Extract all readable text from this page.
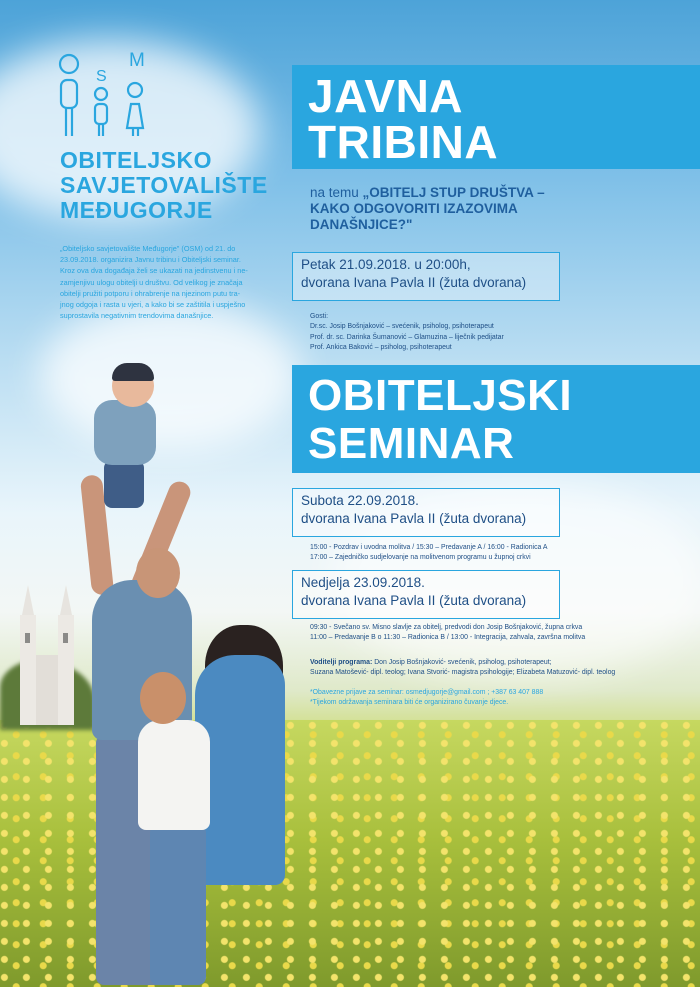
S
M
OBITELJSKO
SAVJETOVALIŠTE
MEĐUGORJE
„Obiteljsko savjetovalište Međugorje" (OSM) od 21. do
23.09.2018. organizira Javnu tribinu i Obiteljski seminar.
Kroz ova dva događaja želi se ukazati na jedinstvenu i ne-
zamjenjivu ulogu obitelji u društvu. Od velikog je značaja
obitelji pružiti potporu i ohrabrenje na njezinom putu tra-
jnog odgoja i rasta u vjeri, a kako bi se zaštitila i uspješno
suprostavila negativnim trendovima današnjice.
JAVNA
TRIBINA
na temu „OBITELJ STUP DRUŠTVA –
KAKO ODGOVORITI IZAZOVIMA
DANAŠNJICE?"
Petak 21.09.2018. u 20:00h,
dvorana Ivana Pavla II (žuta dvorana)
Gosti:
Dr.sc. Josip Bošnjaković – svećenik, psiholog, psihoterapeut
Prof. dr. sc. Darinka Šumanović – Glamuzina – liječnik pedijatar
Prof. Ankica Baković – psiholog, psihoterapeut
OBITELJSKI
SEMINAR
Subota 22.09.2018.
dvorana Ivana Pavla II (žuta dvorana)
15:00 - Pozdrav i uvodna molitva / 15:30 – Predavanje A / 16:00 - Radionica A
17:00 – Zajedničko sudjelovanje na molitvenom programu u župnoj crkvi
Nedjelja 23.09.2018.
dvorana Ivana Pavla II (žuta dvorana)
09:30 - Svečano sv. Misno slavlje za obitelj, predvodi don Josip Bošnjaković, župna crkva
11:00 – Predavanje B o 11:30 – Radionica B / 13:00 - Integracija, zahvala, završna molitva
Voditelji programa: Don Josip Bošnjaković- svećenik, psiholog, psihoterapeut;
Suzana Matošević- dipl. teolog; Ivana Stvorić- magistra psihologije; Elizabeta Matuzović- dipl. teolog
*Obavezne prijave za seminar: osmedjugorje@gmail.com ; +387 63 407 888
*Tijekom održavanja seminara biti će organizirano čuvanje djece.
